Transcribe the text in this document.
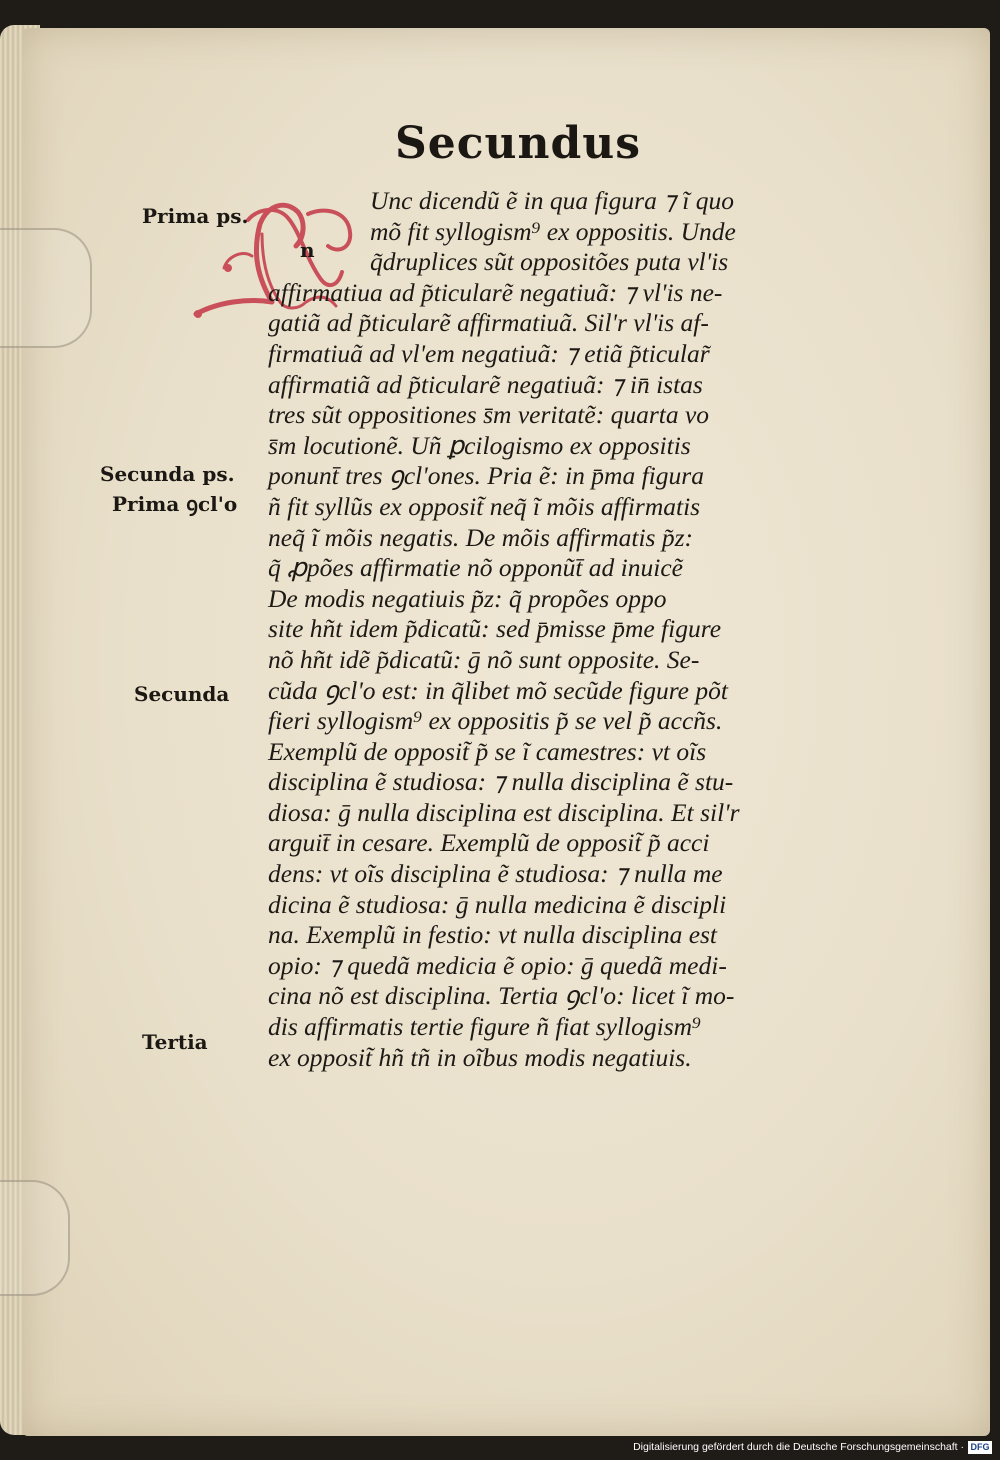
Secundus
n
Unc dicendũ ẽ in qua figura ⁊ ĩ quo
mõ fit syllogism⁹ ex oppositis. Unde
q̃druplices sũt oppositões puta vl'is
affirmatiua ad p̃ticularẽ negatiuã: ⁊ vl'is ne-
gatiã ad p̃ticularẽ affirmatiuã. Sil'r vl'is af-
firmatiuã ad vl'em negatiuã: ⁊ etiã p̃ticular̃
affirmatiã ad p̃ticularẽ negatiuã: ⁊ in̄ istas
tres sũt oppositiones s̄m veritatẽ: quarta vo
s̄m locutionẽ. Uñ ꝑcilogismo ex oppositis
ponunt̄ tres ꝯcl'ones. Pria ẽ: in p̄ma figura
ñ fit syllũs ex opposit̃ neq̃ ĩ mõis affirmatis
neq̃ ĩ mõis negatis. De mõis affirmatis p̃z:
q̃ ꝓpões affirmatie nõ opponũt̄ ad inuicẽ
De modis negatiuis p̃z: q̃ propões oppo
site hñt idem p̃dicatũ: sed p̄misse p̄me figure
nõ hñt idẽ p̃dicatũ: ḡ nõ sunt opposite. Se-
cũda ꝯcl'o est: in q̃libet mõ secũde figure põt
fieri syllogism⁹ ex oppositis p̃ se vel p̃ accñs.
Exemplũ de opposit̃ p̃ se ĩ camestres: vt oĩs
disciplina ẽ studiosa: ⁊ nulla disciplina ẽ stu-
diosa: ḡ nulla disciplina est disciplina. Et sil'r
arguit̄ in cesare. Exemplũ de opposit̃ p̃ acci
dens: vt oĩs disciplina ẽ studiosa: ⁊ nulla me
dicina ẽ studiosa: ḡ nulla medicina ẽ discipli
na. Exemplũ in festio: vt nulla disciplina est
opio: ⁊ quedã medicia ẽ opio: ḡ quedã medi-
cina nõ est disciplina. Tertia ꝯcl'o: licet ĩ mo-
dis affirmatis tertie figure ñ fiat syllogism⁹
ex opposit̃ hñ tñ in oĩbus modis negatiuis.
Prima ps.
Secunda ps.
Prima ꝯcl'o
Secunda
Tertia
Digitalisierung gefördert durch die Deutsche Forschungsgemeinschaft · DFG
